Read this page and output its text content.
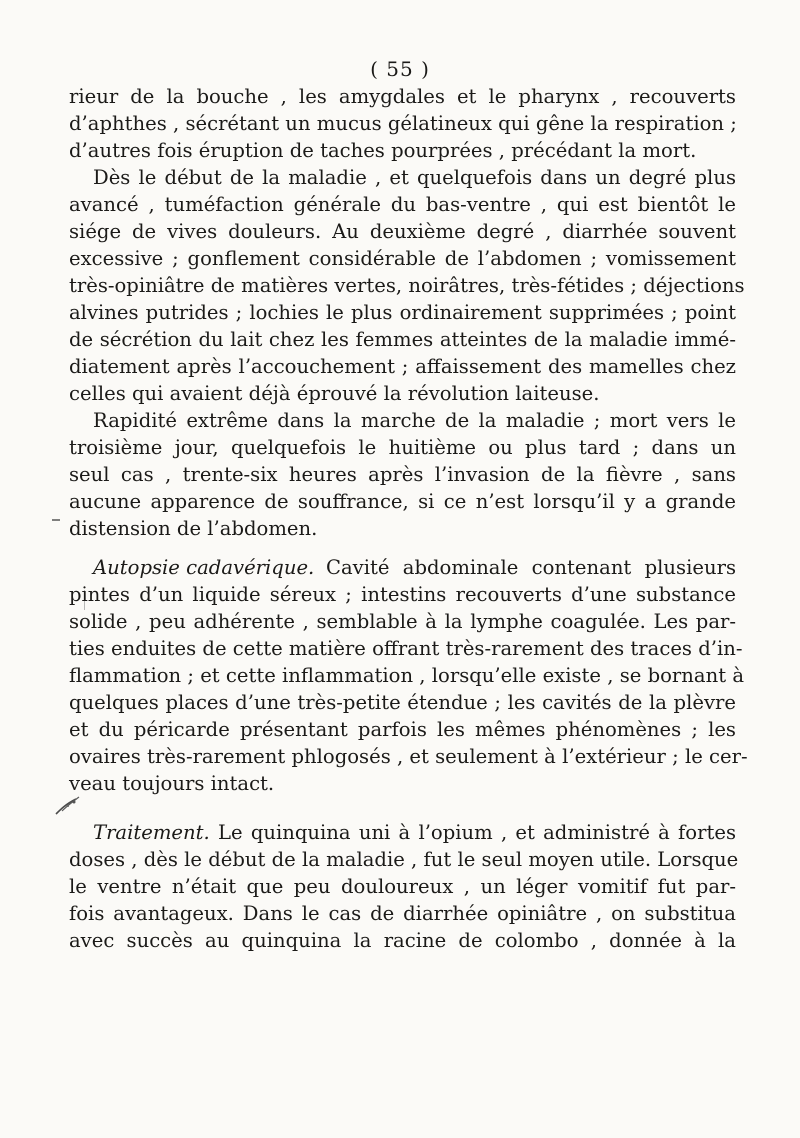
( 55 )
rieur de la bouche , les amygdales et le pharynx , recouverts
d’aphthes , sécrétant un mucus gélatineux qui gêne la respiration ;
d’autres fois éruption de taches pourprées , précédant la mort.
Dès le début de la maladie , et quelquefois dans un degré plus
avancé , tuméfaction générale du bas-ventre , qui est bientôt le
siége de vives douleurs. Au deuxième degré , diarrhée souvent
excessive ; gonflement considérable de l’abdomen ; vomissement
très-opiniâtre de matières vertes, noirâtres, très-fétides ; déjections
alvines putrides ; lochies le plus ordinairement supprimées ; point
de sécrétion du lait chez les femmes atteintes de la maladie immé-
diatement après l’accouchement ; affaissement des mamelles chez
celles qui avaient déjà éprouvé la révolution laiteuse.
Rapidité extrême dans la marche de la maladie ; mort vers le
troisième jour, quelquefois le huitième ou plus tard ; dans un
seul cas , trente-six heures après l’invasion de la fièvre , sans
aucune apparence de souffrance, si ce n’est lorsqu’il y a grande
distension de l’abdomen.
Autopsie cadavérique. Cavité abdominale contenant plusieurs
pintes d’un liquide séreux ; intestins recouverts d’une substance
solide , peu adhérente , semblable à la lymphe coagulée. Les par-
ties enduites de cette matière offrant très-rarement des traces d’in-
flammation ; et cette inflammation , lorsqu’elle existe , se bornant à
quelques places d’une très-petite étendue ; les cavités de la plèvre
et du péricarde présentant parfois les mêmes phénomènes ; les
ovaires très-rarement phlogosés , et seulement à l’extérieur ; le cer-
veau toujours intact.
Traitement. Le quinquina uni à l’opium , et administré à fortes
doses , dès le début de la maladie , fut le seul moyen utile. Lorsque
le ventre n’était que peu douloureux , un léger vomitif fut par-
fois avantageux. Dans le cas de diarrhée opiniâtre , on substitua
avec succès au quinquina la racine de colombo , donnée à la
